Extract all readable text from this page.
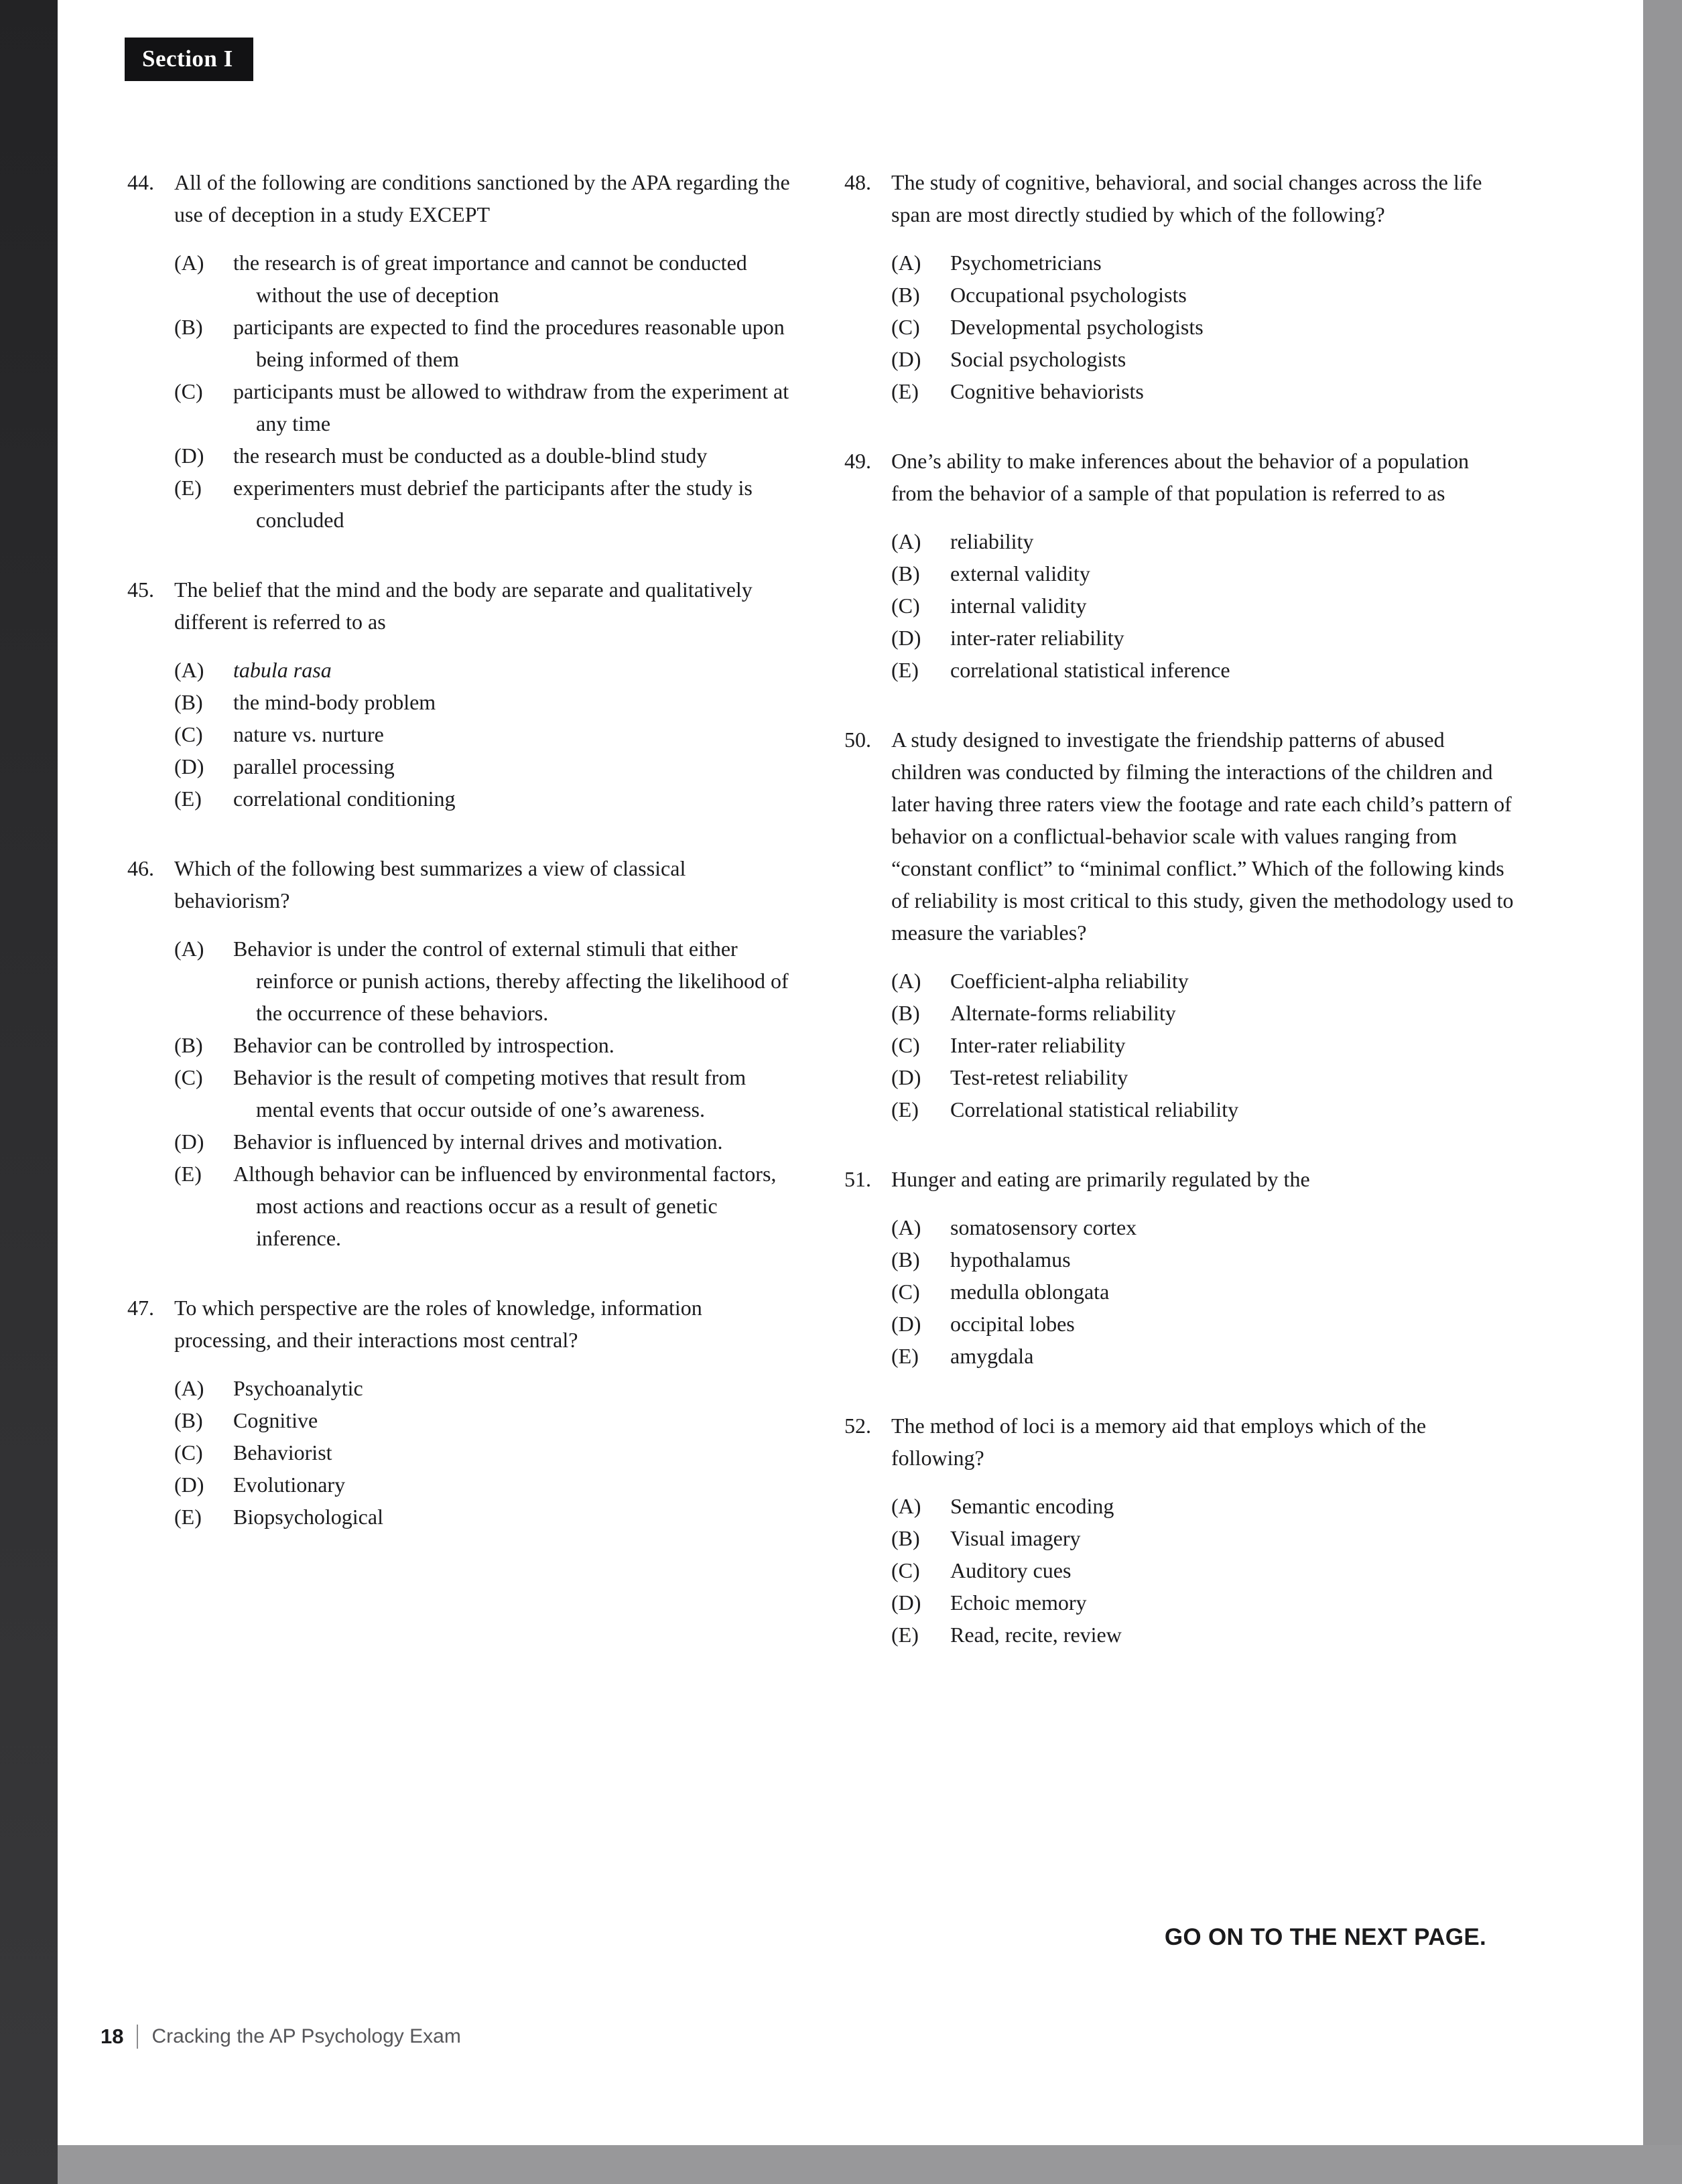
Section I
44. All of the following are conditions sanctioned by the APA regarding the use of deception in a study EXCEPT
(A)	the research is of great importance and cannot be conducted without the use of deception
(B)	participants are expected to find the procedures reasonable upon being informed of them
(C)	participants must be allowed to withdraw from the experiment at any time
(D)	the research must be conducted as a double-blind study
(E)	experimenters must debrief the participants after the study is concluded
45. The belief that the mind and the body are separate and qualitatively different is referred to as
(A)	tabula rasa
(B)	the mind-body problem
(C)	nature vs. nurture
(D)	parallel processing
(E)	correlational conditioning
46. Which of the following best summarizes a view of classical behaviorism?
(A)	Behavior is under the control of external stimuli that either reinforce or punish actions, thereby affecting the likelihood of the occurrence of these behaviors.
(B)	Behavior can be controlled by introspection.
(C)	Behavior is the result of competing motives that result from mental events that occur outside of one’s awareness.
(D)	Behavior is influenced by internal drives and motivation.
(E)	Although behavior can be influenced by environmental factors, most actions and reactions occur as a result of genetic inference.
47. To which perspective are the roles of knowledge, information processing, and their interactions most central?
(A)	Psychoanalytic
(B)	Cognitive
(C)	Behaviorist
(D)	Evolutionary
(E)	Biopsychological
48. The study of cognitive, behavioral, and social changes across the life span are most directly studied by which of the following?
(A)	Psychometricians
(B)	Occupational psychologists
(C)	Developmental psychologists
(D)	Social psychologists
(E)	Cognitive behaviorists
49. One’s ability to make inferences about the behavior of a population from the behavior of a sample of that population is referred to as
(A)	reliability
(B)	external validity
(C)	internal validity
(D)	inter-rater reliability
(E)	correlational statistical inference
50. A study designed to investigate the friendship patterns of abused children was conducted by filming the interactions of the children and later having three raters view the footage and rate each child’s pattern of behavior on a conflictual-behavior scale with values ranging from “constant conflict” to “minimal conflict.” Which of the following kinds of reliability is most critical to this study, given the methodology used to measure the variables?
(A)	Coefficient-alpha reliability
(B)	Alternate-forms reliability
(C)	Inter-rater reliability
(D)	Test-retest reliability
(E)	Correlational statistical reliability
51. Hunger and eating are primarily regulated by the
(A)	somatosensory cortex
(B)	hypothalamus
(C)	medulla oblongata
(D)	occipital lobes
(E)	amygdala
52. The method of loci is a memory aid that employs which of the following?
(A)	Semantic encoding
(B)	Visual imagery
(C)	Auditory cues
(D)	Echoic memory
(E)	Read, recite, review
GO ON TO THE NEXT PAGE.
18 Cracking the AP Psychology Exam
